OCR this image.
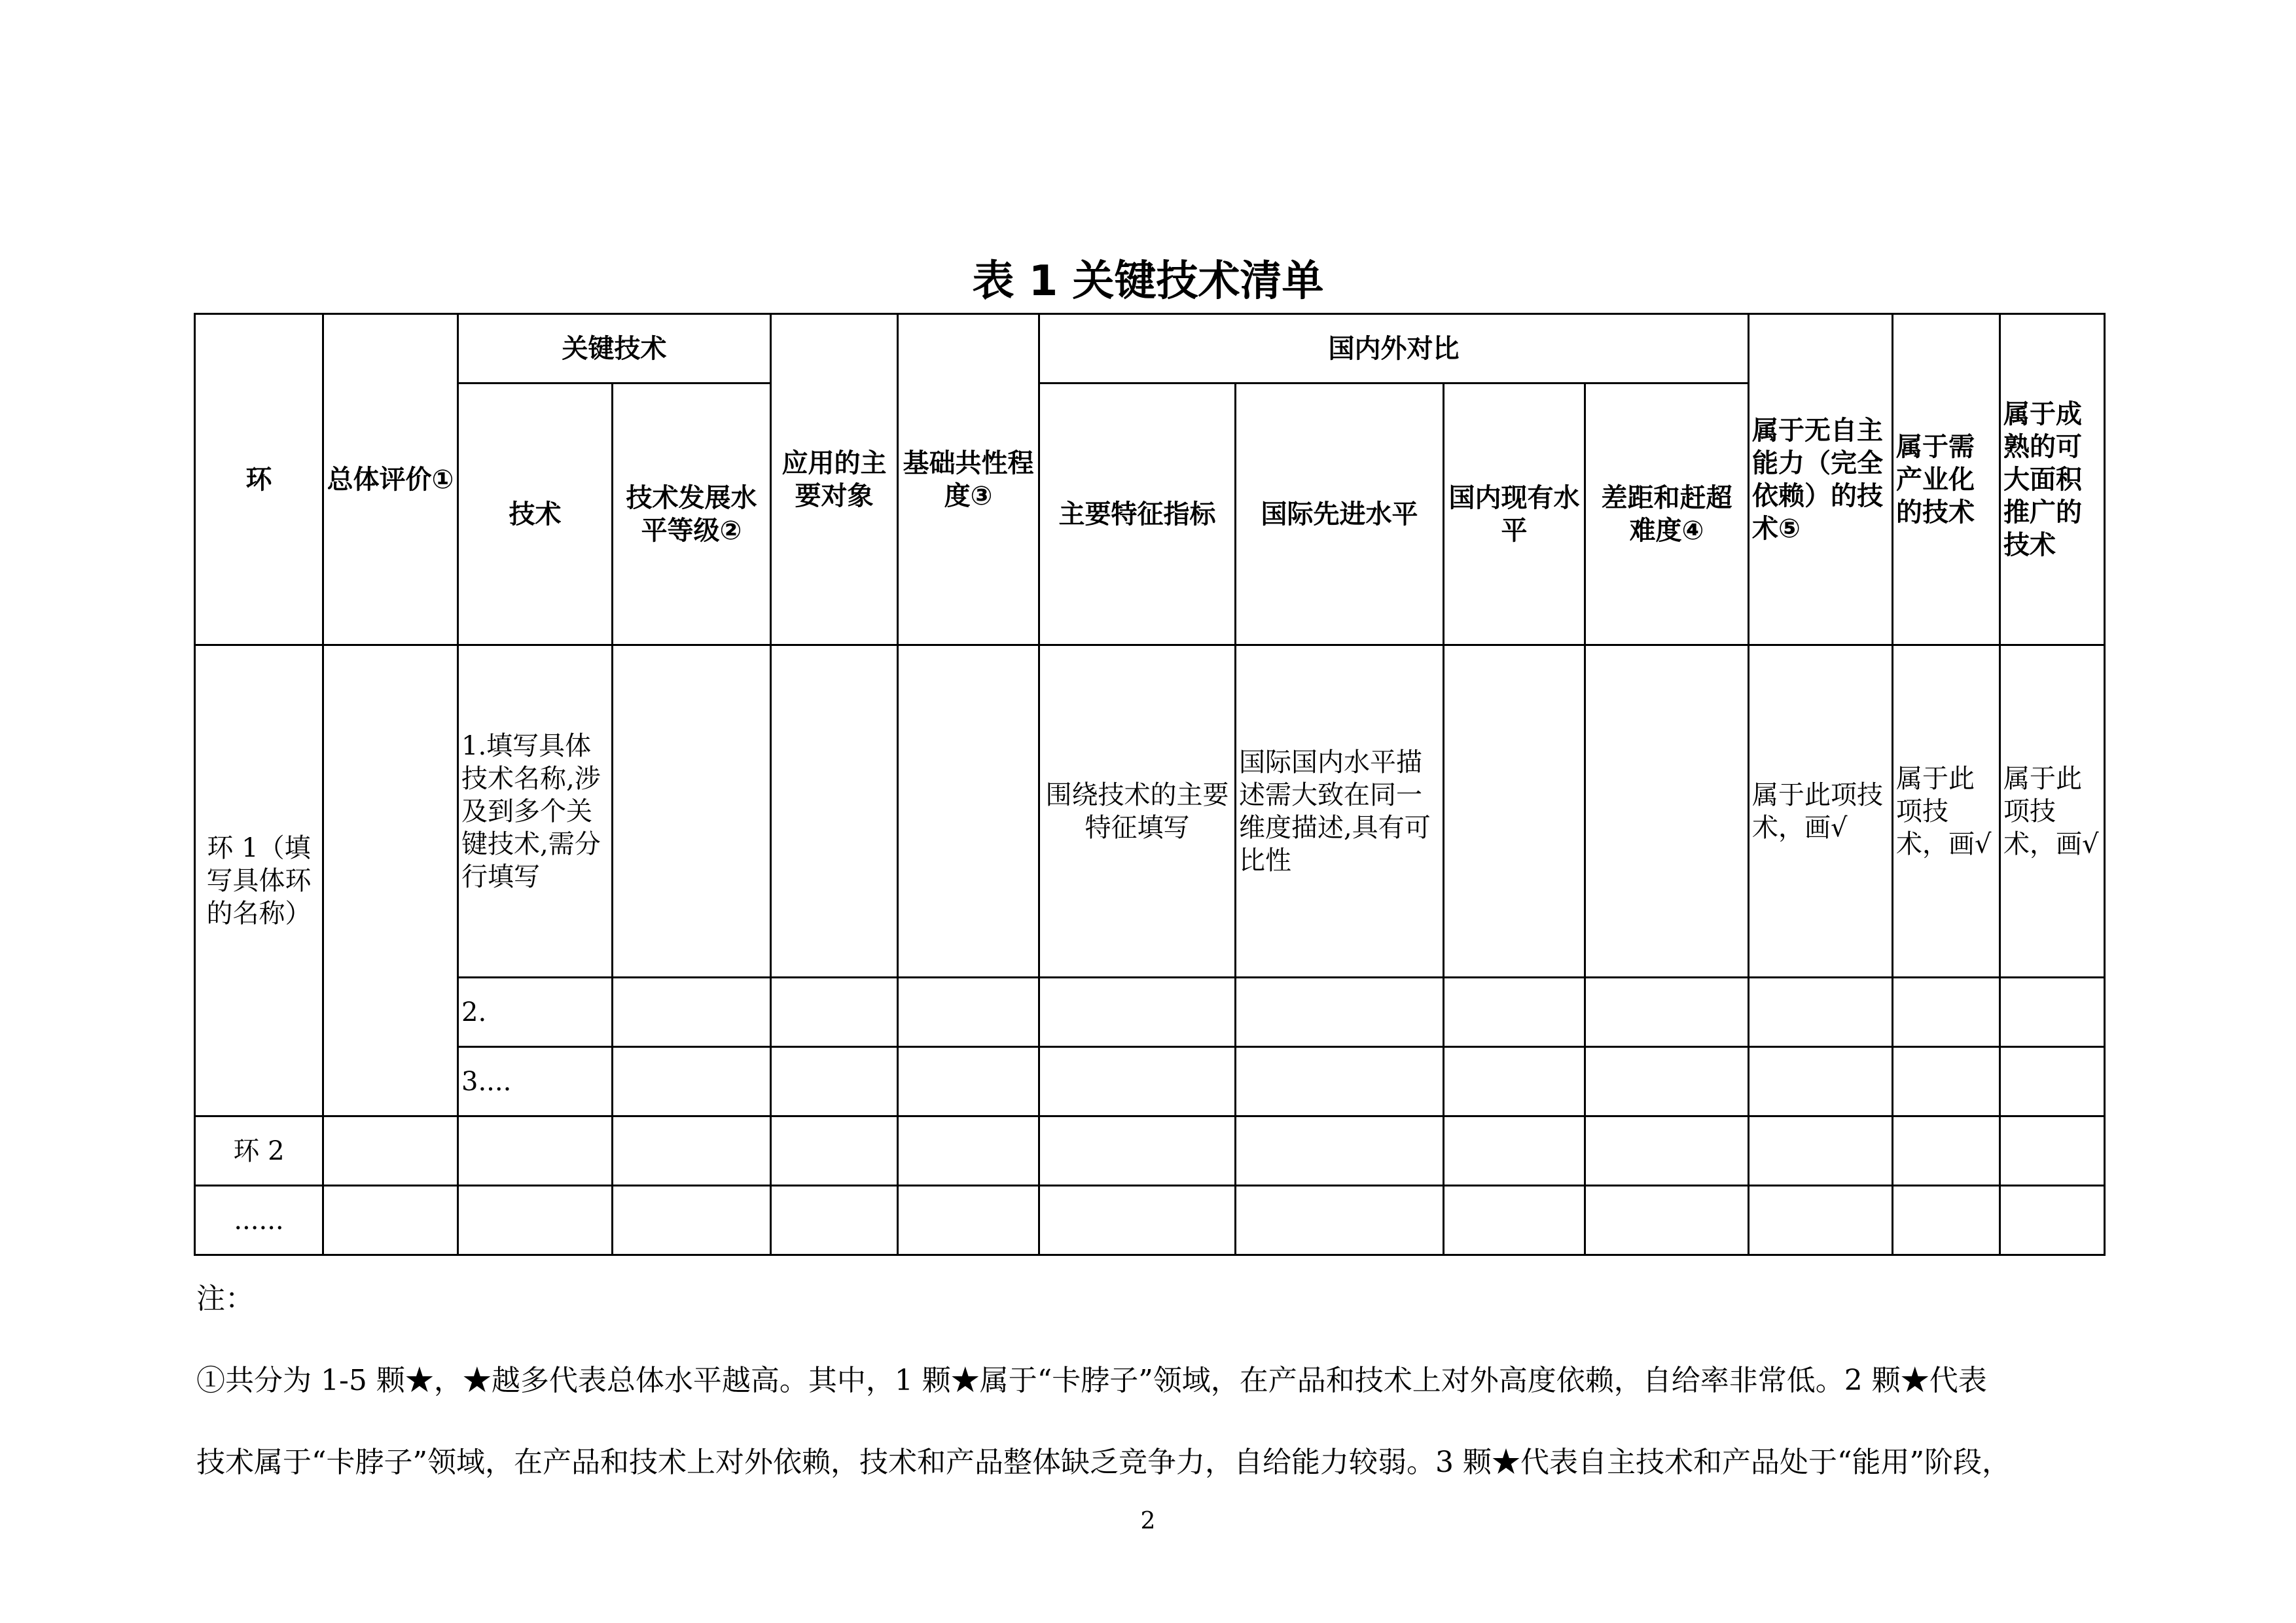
表 1 关键技术清单
环	总体评价①	关键技术		应用的主要对象	基础共性程度③	国内外对比				属于无自主能力（完全依赖）的技术⑤	属于需产业化的技术	属于成熟的可大面积推广的技术
		技术	技术发展水平等级②			主要特征指标	国际先进水平	国内现有水平	差距和赶超难度④			
环 1（填写具体环的名称）		1.填写具体技术名称,涉及到多个关键技术,需分行填写				围绕技术的主要特征填写	国际国内水平描述需大致在同一维度描述,具有可比性			属于此项技术，画√	属于此项技术，画√	属于此项技术，画√
		2.										
		3....										
环 2												
......												
注：
①共分为 1-5 颗★，★越多代表总体水平越高。其中，1 颗★属于“卡脖子”领域，在产品和技术上对外高度依赖，自给率非常低。2 颗★代表
技术属于“卡脖子”领域，在产品和技术上对外依赖，技术和产品整体缺乏竞争力，自给能力较弱。3 颗★代表自主技术和产品处于“能用”阶段，
2
